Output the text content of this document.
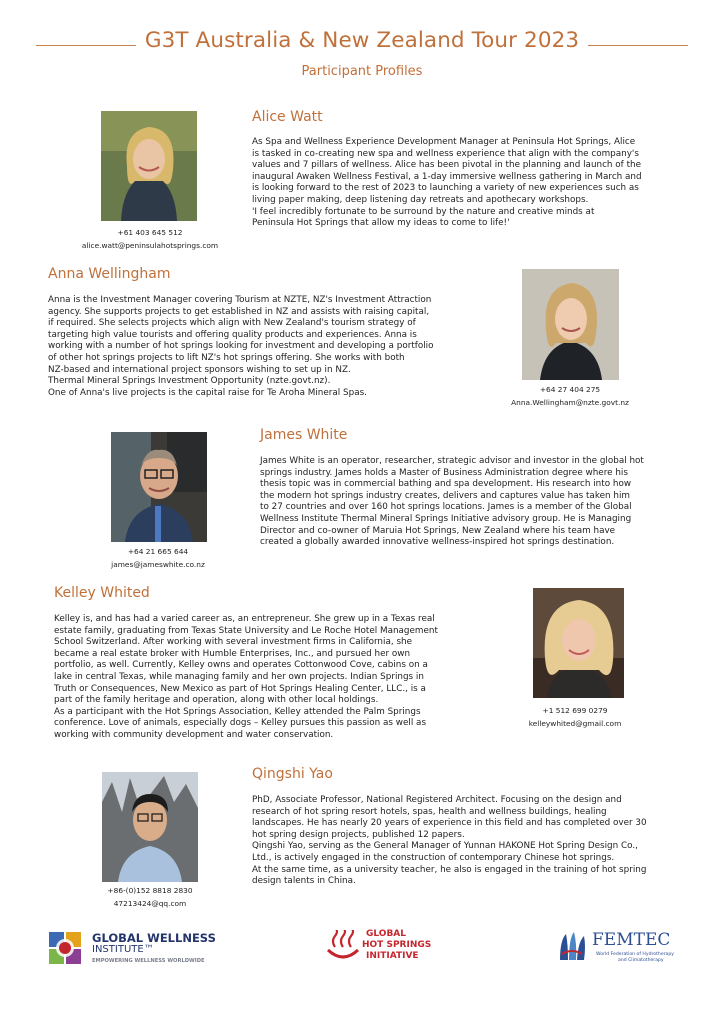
G3T Australia & New Zealand Tour 2023
Participant Profiles
+61 403 645 512
alice.watt@peninsulahotsprings.com
Alice Watt

As Spa and Wellness Experience Development Manager at Peninsula Hot Springs, Alice

is tasked in co-creating new spa and wellness experience that align with the company's

values and 7 pillars of wellness. Alice has been pivotal in the planning and launch of the

inaugural Awaken Wellness Festival, a 1-day immersive wellness gathering in March and

is looking forward to the rest of 2023 to launching a variety of new experiences such as

living paper making, deep listening day retreats and apothecary workshops.

'I feel incredibly fortunate to be surround by the nature and creative minds at

Peninsula Hot Springs that allow my ideas to come to life!'

Anna Wellingham

Anna is the Investment Manager covering Tourism at NZTE, NZ's Investment Attraction

agency. She supports projects to get established in NZ and assists with raising capital,

if required. She selects projects which align with New Zealand's tourism strategy of

targeting high value tourists and offering quality products and experiences. Anna is

working with a number of hot springs looking for investment and developing a portfolio

of other hot springs projects to lift NZ's hot springs offering. She works with both

NZ-based and international project sponsors wishing to set up in NZ.

Thermal Mineral Springs Investment Opportunity (nzte.govt.nz).

One of Anna's live projects is the capital raise for Te Aroha Mineral Spas.	+64 27 404 275
Anna.Wellingham@nzte.govt.nz
+64 21 665 644
james@jameswhite.co.nz
James White

James White is an operator, researcher, strategic advisor and investor in the global hot

springs industry. James holds a Master of Business Administration degree where his

thesis topic was in commercial bathing and spa development. His research into how

the modern hot springs industry creates, delivers and captures value has taken him

to 27 countries and over 160 hot springs locations. James is a member of the Global

Wellness Institute Thermal Mineral Springs Initiative advisory group. He is Managing

Director and co-owner of Maruia Hot Springs, New Zealand where his team have

created a globally awarded innovative wellness-inspired hot springs destination.

Kelley Whited

Kelley is, and has had a varied career as, an entrepreneur. She grew up in a Texas real

estate family, graduating from Texas State University and Le Roche Hotel Management

School Switzerland. After working with several investment firms in California, she

became a real estate broker with Humble Enterprises, Inc., and pursued her own

portfolio, as well. Currently, Kelley owns and operates Cottonwood Cove, cabins on a

lake in central Texas, while managing family and her own projects. Indian Springs in

Truth or Consequences, New Mexico as part of Hot Springs Healing Center, LLC., is a

part of the family heritage and operation, along with other local holdings.

As a participant with the Hot Springs Association, Kelley attended the Palm Springs

conference. Love of animals, especially dogs – Kelley pursues this passion as well as

working with community development and water conservation.

+1 512 699 0279
kelleywhited@gmail.com
+86-(0)152 8818 2830
47213424@qq.com
Qingshi Yao

PhD, Associate Professor, National Registered Architect. Focusing on the design and

research of hot spring resort hotels, spas, health and wellness buildings, healing

landscapes. He has nearly 20 years of experience in this field and has completed over 30

hot spring design projects, published 12 papers.

Qingshi Yao, serving as the General Manager of Yunnan HAKONE Hot Spring Design Co.,

Ltd., is actively engaged in the construction of contemporary Chinese hot springs.

At the same time, as a university teacher, he also is engaged in the training of hot spring

design talents in China.

GLOBAL WELLNESS
INSTITUTE™
EMPOWERING WELLNESS WORLDWIDE
GLOBAL
HOT SPRINGS
INITIATIVE
FEMTEC
World Federation of Hydrotherapy
and Climatotherapy
